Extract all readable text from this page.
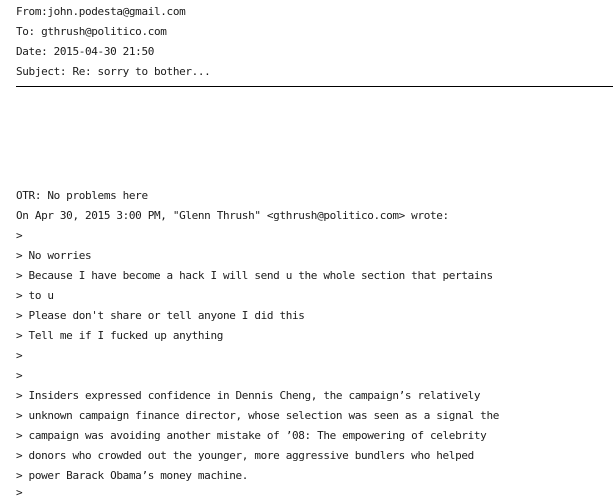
From:john.podesta@gmail.com
To: gthrush@politico.com
Date: 2015-04-30 21:50
Subject: Re: sorry to bother...
OTR: No problems here
On Apr 30, 2015 3:00 PM, "Glenn Thrush" <gthrush@politico.com> wrote:
>
> No worries
> Because I have become a hack I will send u the whole section that pertains
> to u
> Please don't share or tell anyone I did this
> Tell me if I fucked up anything
>
>
> Insiders expressed confidence in Dennis Cheng, the campaign’s relatively
> unknown campaign finance director, whose selection was seen as a signal the
> campaign was avoiding another mistake of ’08: The empowering of celebrity
> donors who crowded out the younger, more aggressive bundlers who helped
> power Barack Obama’s money machine.
>
